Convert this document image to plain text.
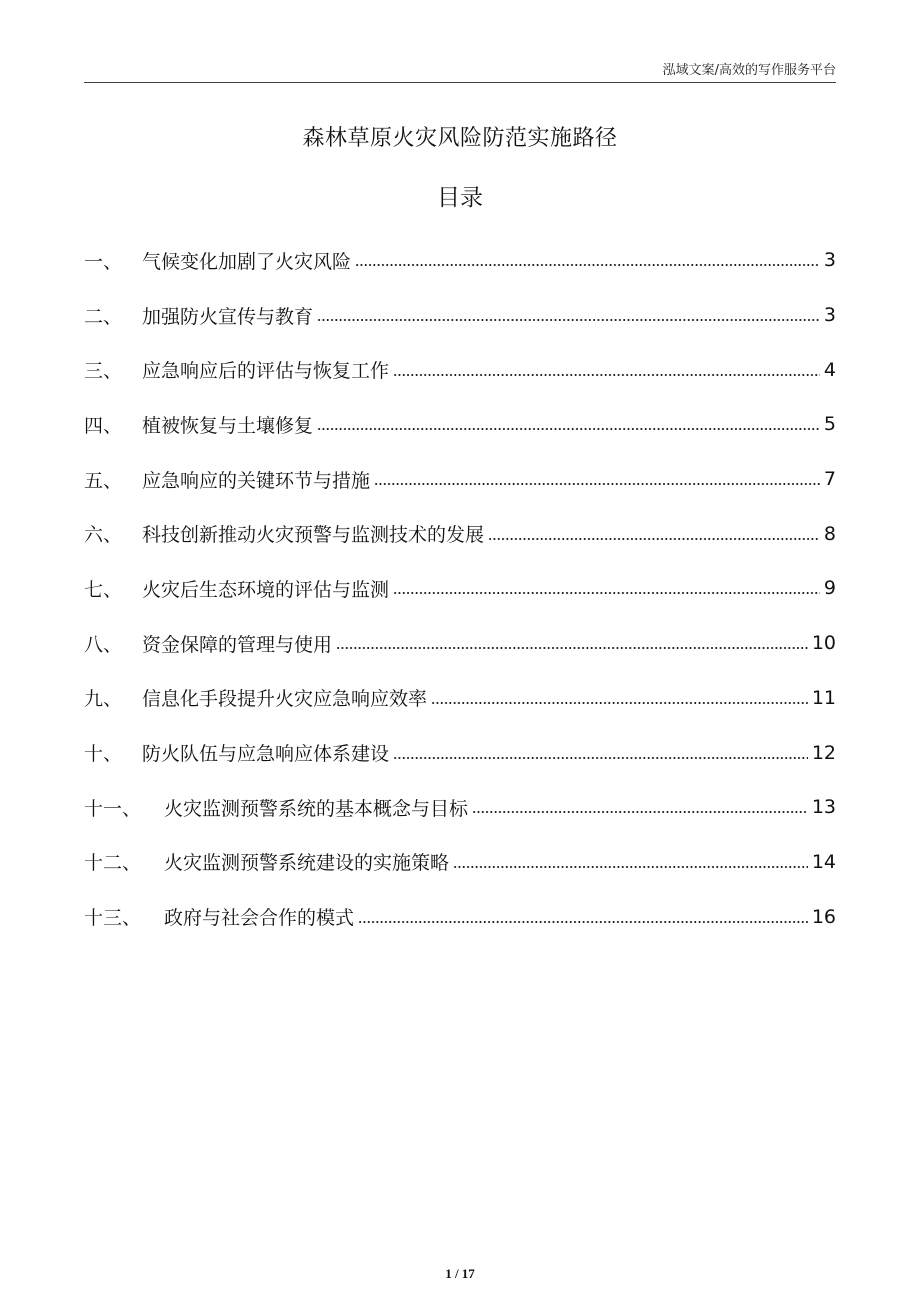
泓域文案/高效的写作服务平台
森林草原火灾风险防范实施路径
目录
一、	气候变化加剧了火灾风险	3
二、	加强防火宣传与教育	3
三、	应急响应后的评估与恢复工作	4
四、	植被恢复与土壤修复	5
五、	应急响应的关键环节与措施	7
六、	科技创新推动火灾预警与监测技术的发展	8
七、	火灾后生态环境的评估与监测	9
八、	资金保障的管理与使用	10
九、	信息化手段提升火灾应急响应效率	11
十、	防火队伍与应急响应体系建设	12
十一、	火灾监测预警系统的基本概念与目标	13
十二、	火灾监测预警系统建设的实施策略	14
十三、	政府与社会合作的模式	16
1 / 17
